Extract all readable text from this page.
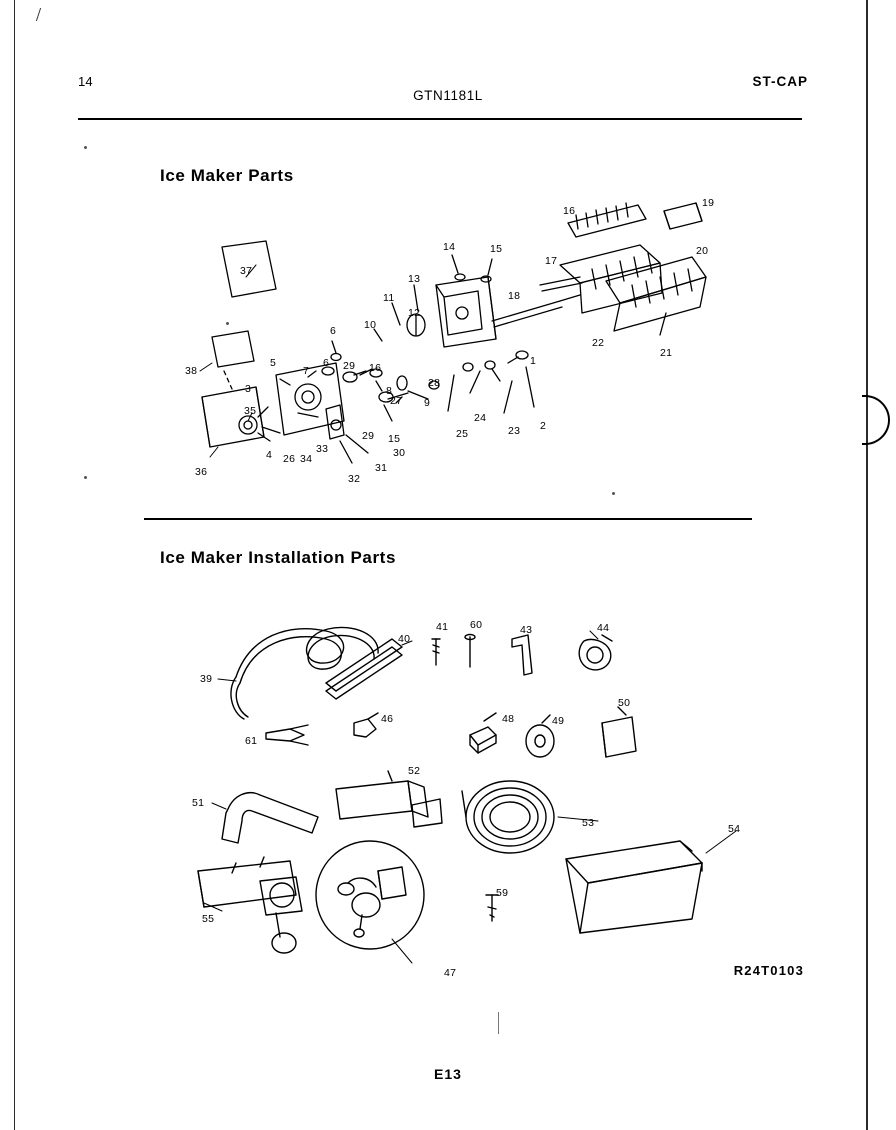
14
GTN1181L
ST-CAP
Ice Maker Parts
37
38
36
35
4 26 34
33
32
31
30
15
29
3
5
7
6
6
29 16
10
11
12
13
8
9
27
28
14	15
18
17
16
19
20
21
22
1
2
23
24
25
Ice Maker Installation Parts
39
40
41 60	43	44
61
46	48	49
50
51
52
53	54
55
59
47	R24T0103
E13
